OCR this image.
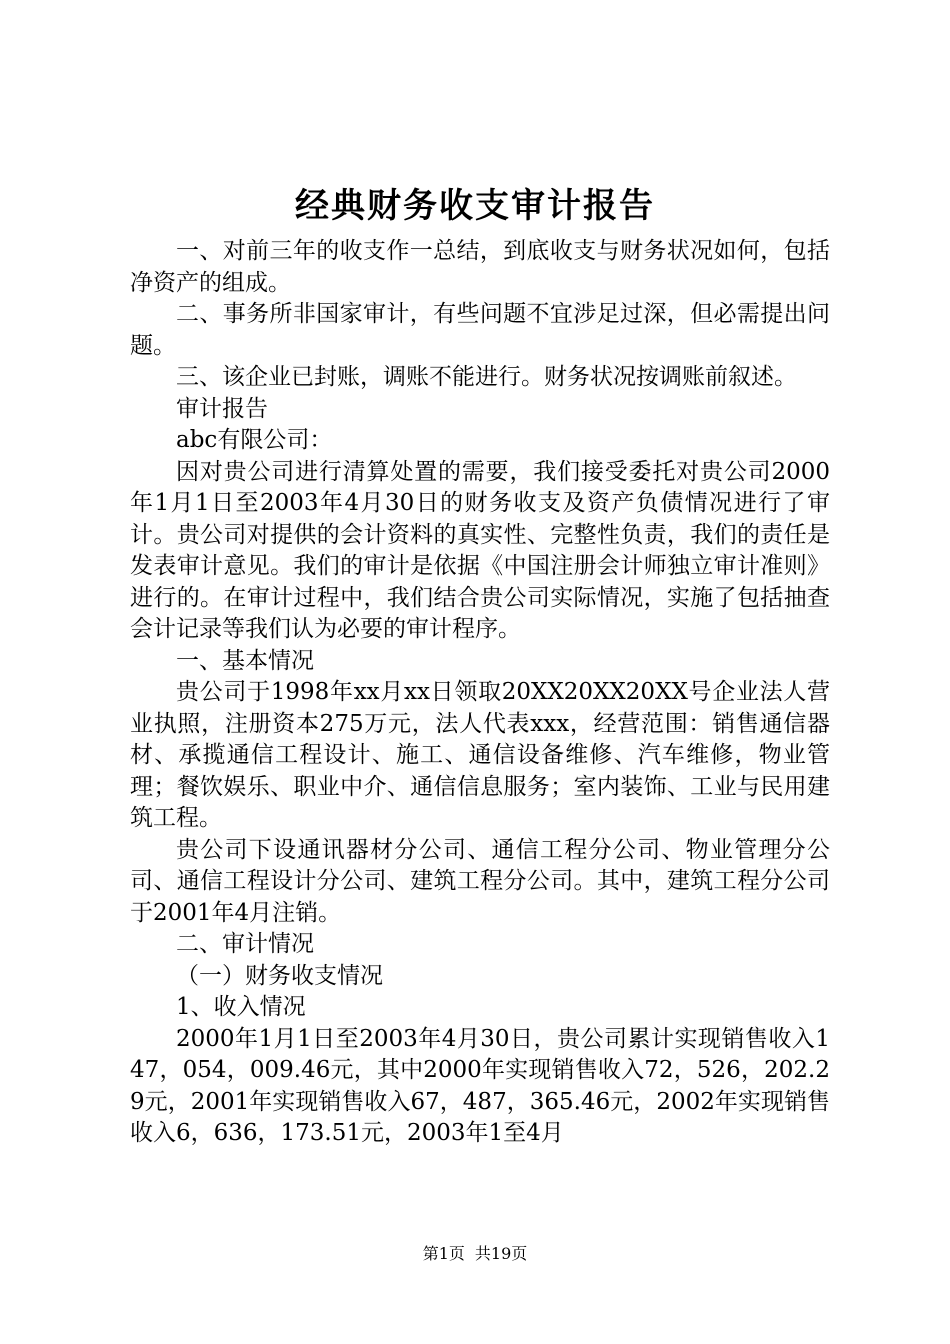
经典财务收支审计报告

一、对前三年的收支作一总结，到底收支与财务状况如何，包括净资产的组成。

二、事务所非国家审计，有些问题不宜涉足过深，但必需提出问题。

三、该企业已封账，调账不能进行。财务状况按调账前叙述。

审计报告

abc有限公司：

因对贵公司进行清算处置的需要，我们接受委托对贵公司2000年1月1日至2003年4月30日的财务收支及资产负债情况进行了审计。贵公司对提供的会计资料的真实性、完整性负责，我们的责任是发表审计意见。我们的审计是依据《中国注册会计师独立审计准则》进行的。在审计过程中，我们结合贵公司实际情况，实施了包括抽查会计记录等我们认为必要的审计程序。

一、基本情况

贵公司于1998年xx月xx日领取20XX20XX20XX号企业法人营业执照，注册资本275万元，法人代表xxx，经营范围：销售通信器材、承揽通信工程设计、施工、通信设备维修、汽车维修，物业管理；餐饮娱乐、职业中介、通信信息服务；室内装饰、工业与民用建筑工程。

贵公司下设通讯器材分公司、通信工程分公司、物业管理分公司、通信工程设计分公司、建筑工程分公司。其中，建筑工程分公司于2001年4月注销。

二、审计情况

（一）财务收支情况

1、收入情况

2000年1月1日至2003年4月30日，贵公司累计实现销售收入147，054，009.46元，其中2000年实现销售收入72，526，202.29元，2001年实现销售收入67，487，365.46元，2002年实现销售收入6，636，173.51元，2003年1至4月

第1页 共19页
